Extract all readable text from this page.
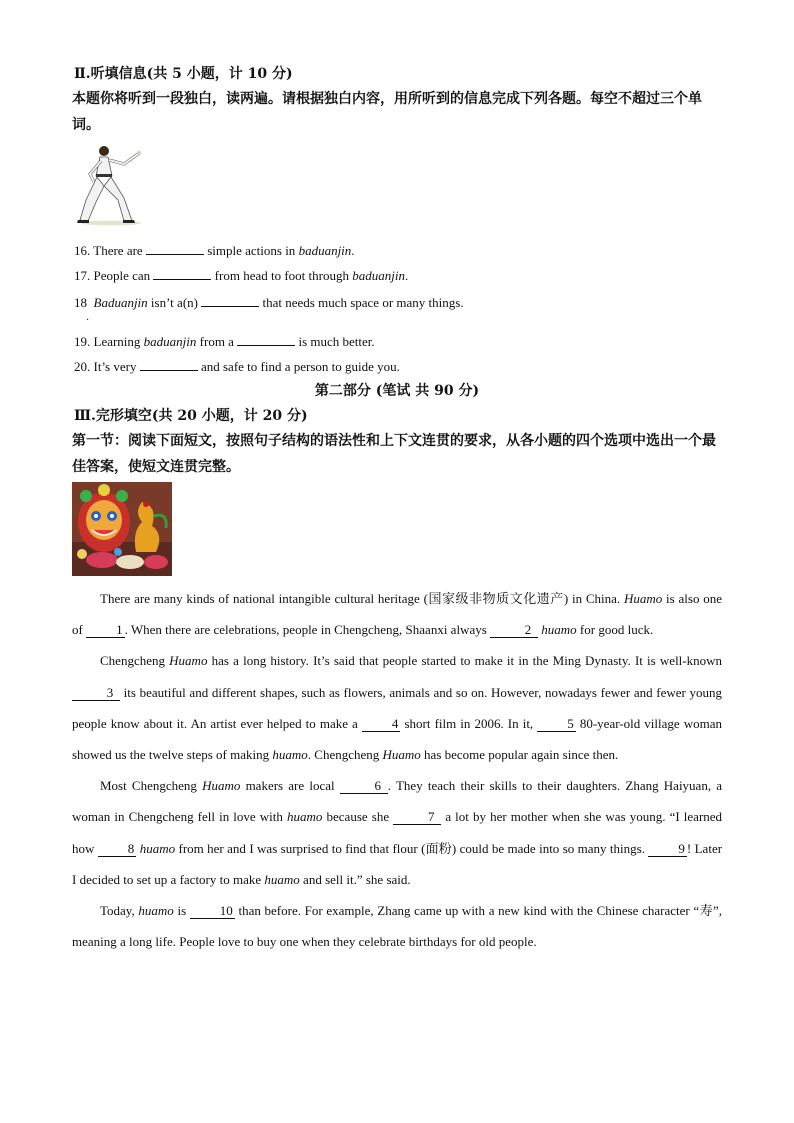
Ⅱ.听填信息(共 5 小题，计 10 分)
本题你将听到一段独白，读两遍。请根据独白内容，用所听到的信息完成下列各题。每空不超过三个单词。
16. There are	simple actions in baduanjin.
17. People can	from head to foot through baduanjin.
18 Baduanjin isn’t a(n)	that needs much space or many things.
.
19. Learning baduanjin from a	is much better.
20. It’s very	and safe to find a person to guide you.
第二部分 (笔试 共 90 分)
Ⅲ.完形填空(共 20 小题，计 20 分)
第一节：阅读下面短文，按照句子结构的语法性和上下文连贯的要求，从各小题的四个选项中选出一个最佳答案，使短文连贯完整。

There are many kinds of national intangible cultural heritage (国家级非物质文化遗产) in China. Huamo is also one of	1 . When there are celebrations, people in Chengcheng, Shaanxi always	2 huamo for good luck.

Chengcheng Huamo has a long history. It’s said that people started to make it in the Ming Dynasty. It is well-known 3 its beautiful and different shapes, such as flowers, animals and so on. However, nowadays fewer and fewer young people know about it. An artist ever helped to make a	4 short film in 2006. In it,	5 80-year-old village woman showed us the twelve steps of making huamo. Chengcheng Huamo has become popular again since then.

Most Chengcheng Huamo makers are local	6 . They teach their skills to their daughters. Zhang Haiyuan, a woman in Chengcheng fell in love with huamo because she	7 a lot by her mother when she was young. “I learned how	8 huamo from her and I was surprised to find that flour (面粉) could be made into so many things.	9 ! Later I decided to set up a factory to make huamo and sell it.” she said.

Today, huamo is	10 than before. For example, Zhang came up with a new kind with the Chinese character “寿”, meaning a long life. People love to buy one when they celebrate birthdays for old people.
